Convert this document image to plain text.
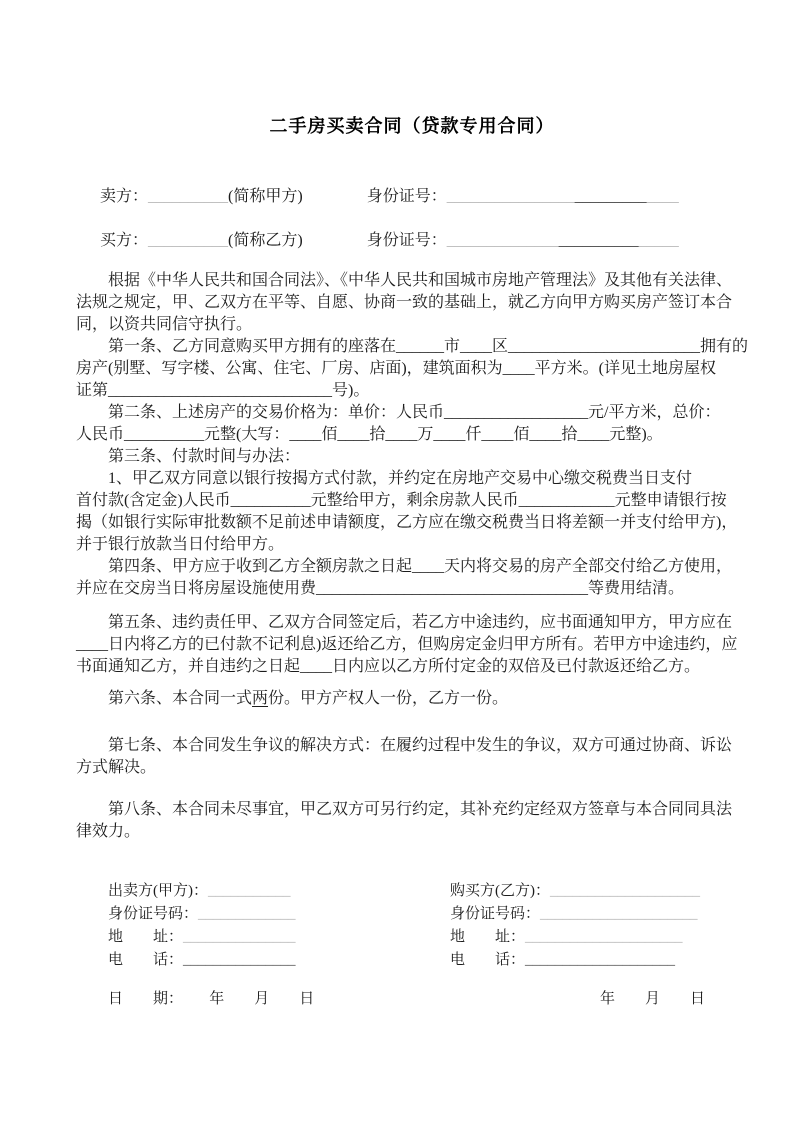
二手房买卖合同（贷款专用合同）
卖方：__________(简称甲方)　　　　	身份证号：_____________________________
买方：__________(简称乙方)　　　　	身份证号：_____________________________
　　根据《中华人民共和国合同法》、《中华人民共和国城市房地产管理法》及其他有关法律、
法规之规定，甲、乙双方在平等、自愿、协商一致的基础上，就乙方向甲方购买房产签订本合
同，以资共同信守执行。
　　第一条、乙方同意购买甲方拥有的座落在______市____区________________________拥有的
房产(别墅、写字楼、公寓、住宅、厂房、店面)，建筑面积为____平方米。(详见土地房屋权
证第____________________________号)。
　　第二条、上述房产的交易价格为：单价：人民币__________________元/平方米，总价：
人民币__________元整(大写：____佰____拾____万____仟____佰____拾____元整)。
　　第三条、付款时间与办法：
　　1、甲乙双方同意以银行按揭方式付款，并约定在房地产交易中心缴交税费当日支付
首付款(含定金)人民币__________元整给甲方，剩余房款人民币____________元整申请银行按
揭（如银行实际审批数额不足前述申请额度，乙方应在缴交税费当日将差额一并支付给甲方)，
并于银行放款当日付给甲方。
　　第四条、甲方应于收到乙方全额房款之日起____天内将交易的房产全部交付给乙方使用，
并应在交房当日将房屋设施使用费__________________________________等费用结清。
　　第五条、违约责任甲、乙双方合同签定后，若乙方中途违约，应书面通知甲方，甲方应在
____日内将乙方的已付款不记利息)返还给乙方，但购房定金归甲方所有。若甲方中途违约，应
书面通知乙方，并自违约之日起____日内应以乙方所付定金的双倍及已付款返还给乙方。
　　第六条、本合同一式两份。甲方产权人一份，乙方一份。
　　第七条、本合同发生争议的解决方式：在履约过程中发生的争议，双方可通过协商、诉讼
方式解决。
　　第八条、本合同未尽事宜，甲乙双方可另行约定，其补充约定经双方签章与本合同同具法
律效力。
出卖方(甲方)：___________	购买方(乙方)：____________________
身份证号码：_____________	身份证号码：_____________________
地　　址：_______________	地　　址：_____________________
电　　话：_______________	电　　话：____________________
日　　期：　　 年　　月　　日	年　　月　　日
